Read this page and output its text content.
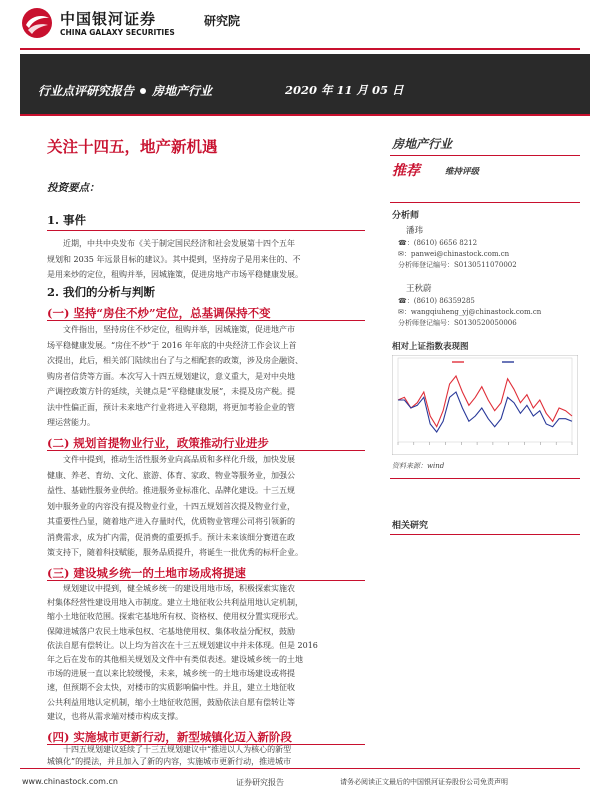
中国银河证券
CHINA GALAXY SECURITIES
研究院
行业点评研究报告 房地产行业	2020 年 11 月 05 日
关注十四五，地产新机遇
投资要点：
1. 事件
近期，中共中央发布《关于制定国民经济和社会发展第十四个五年
规划和 2035 年远景目标的建议》。其中提到，坚持房子是用来住的、不
是用来炒的定位，租购并举，因城施策，促进房地产市场平稳健康发展。
2. 我们的分析与判断
(一) 坚持“房住不炒”定位，总基调保持不变
文件指出，坚持房住不炒定位，租购并举，因城施策，促进地产市
场平稳健康发展。“房住不炒”于 2016 年年底的中央经济工作会议上首
次提出，此后，相关部门陆续出台了与之相配套的政策，涉及房企融资、
购房者信贷等方面。本次写入十四五规划建议，意义重大，是对中央地
产调控政策方针的延续，关键点是“平稳健康发展”，未提及房产税。提
法中性偏正面，预计未来地产行业将进入平稳期，将更加考验企业的管
理运营能力。
(二) 规划首提物业行业，政策推动行业进步
文件中提到，推动生活性服务业向高品质和多样化升级，加快发展
健康、养老、育幼、文化、旅游、体育、家政、物业等服务业，加强公
益性、基础性服务业供给。推进服务业标准化、品牌化建设。十三五规
划中服务业的内容没有提及物业行业，十四五规划首次提及物业行业，
其重要性凸显，随着地产进入存量时代，优质物业管理公司将引领新的
消费需求，成为扩内需，促消费的重要抓手。预计未来该细分赛道在政
策支持下，随着科技赋能，服务品质提升，将诞生一批优秀的标杆企业。
(三) 建设城乡统一的土地市场成将提速
规划建议中提到，健全城乡统一的建设用地市场，积极探索实施农
村集体经营性建设用地入市制度。建立土地征收公共利益用地认定机制，
缩小土地征收范围。探索宅基地所有权、资格权、使用权分置实现形式。
保障进城落户农民土地承包权、宅基地使用权、集体收益分配权，鼓励
依法自愿有偿转让。以上均为首次在十三五规划建议中并未体现。但是 2016
年之后在发布的其他相关规划及文件中有类似表述。建设城乡统一的土地
市场的进展一直以来比较缓慢，未来，城乡统一的土地市场建设或将提
速，但预期不会太快，对楼市的实质影响偏中性。并且，建立土地征收
公共利益用地认定机制，缩小土地征收范围，鼓励依法自愿有偿转让等
建议，也将从需求端对楼市构成支撑。
(四) 实施城市更新行动，新型城镇化迈入新阶段
十四五规划建议延续了十三五规划建议中“推进以人为核心的新型
城镇化”的提法，并且加入了新的内容，实施城市更新行动，推进城市
房地产行业
推荐	维持评级
分析师
潘玮
☎：(8610) 6656 8212
✉：panwei@chinastock.com.cn
分析师登记编号：S0130511070002
王秋蔚
☎：(8610) 86359285
✉：wangqiuheng_yj@chinastock.com.cn
分析师登记编号：S0130520050006
相对上证指数表现图
资料来源：wind
相关研究
www.chinastock.com.cn	证券研究报告	请务必阅读正文最后的中国银河证券股份公司免责声明
